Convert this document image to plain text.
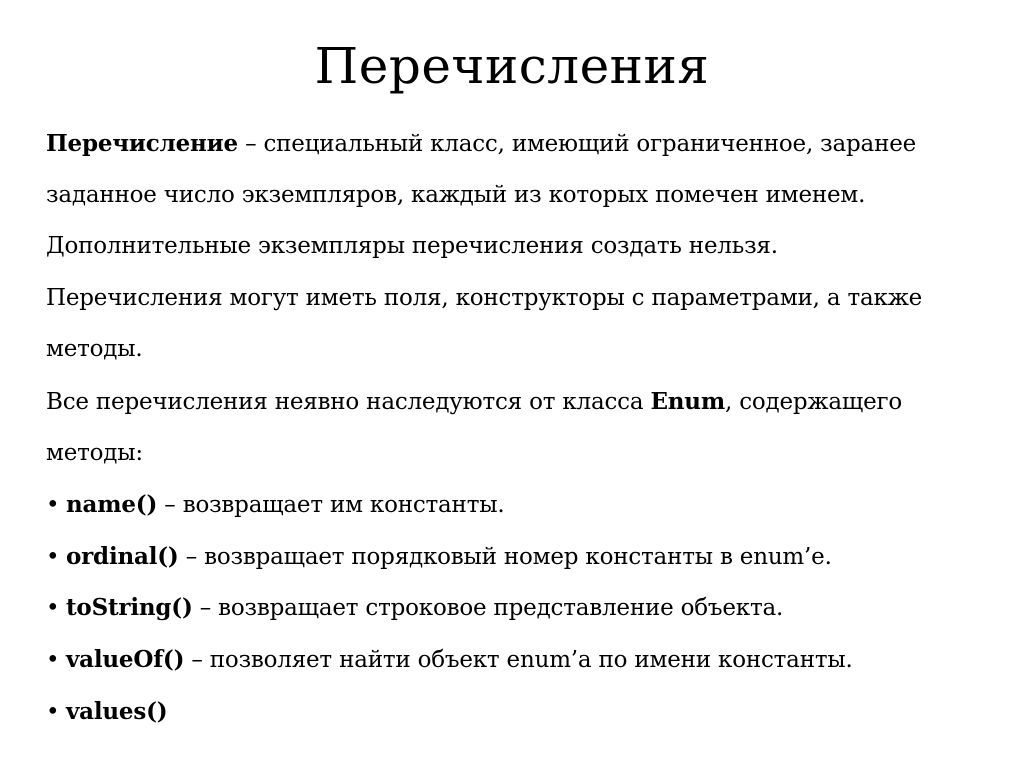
Перечисления
Перечисление – специальный класс, имеющий ограниченное, заранее
заданное число экземпляров, каждый из которых помечен именем.
Дополнительные экземпляры перечисления создать нельзя.
Перечисления могут иметь поля, конструкторы с параметрами, а также
методы.
Все перечисления неявно наследуются от класса Enum, содержащего
методы:
• name() – возвращает им константы.
• ordinal() – возвращает порядковый номер константы в enum’e.
• toString() – возвращает строковое представление объекта.
• valueOf() – позволяет найти объект enum’а по имени константы.
• values()
